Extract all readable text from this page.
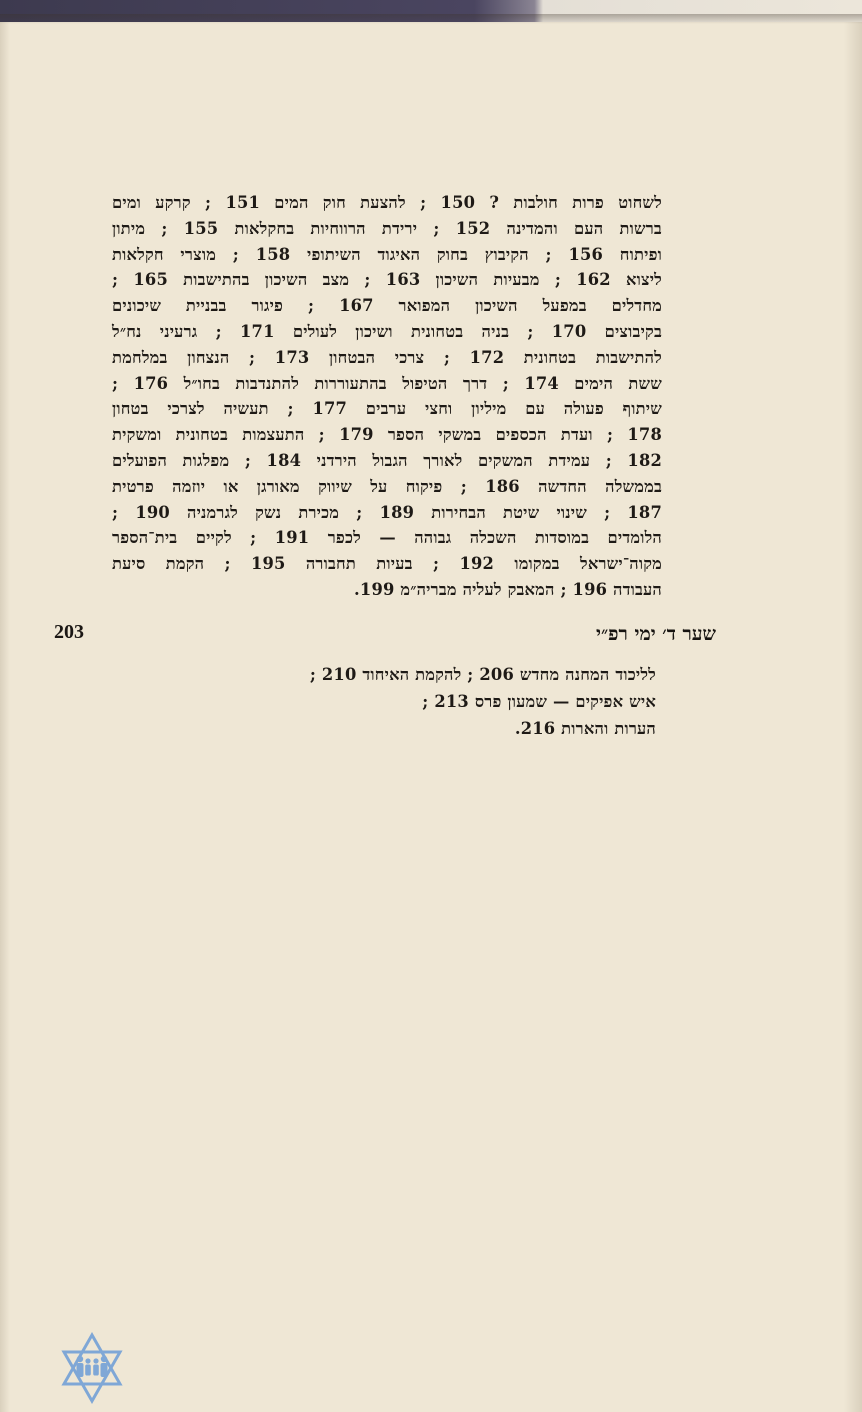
לשחוט פרות חולבות ? 150 ; להצעת חוק המים 151 ; קרקע ומים
ברשות העם והמדינה 152 ; ירידת הרווחיות בחקלאות 155 ; מיתון
ופיתוח 156 ; הקיבוץ בחוק האיגוד השיתופי 158 ; מוצרי חקלאות
ליצוא 162 ; מבעיות השיכון 163 ; מצב השיכון בהתישבות 165 ;
מחדלים במפעל השיכון המפואר 167 ; פיגור בבניית שיכונים
בקיבוצים 170 ; בניה בטחונית ושיכון לעולים 171 ; גרעיני נח״ל
להתישבות בטחונית 172 ; צרכי הבטחון 173 ; הנצחון במלחמת
ששת הימים 174 ; דרך הטיפול בהתעוררות להתנדבות בחו״ל 176 ;
שיתוף פעולה עם מיליון וחצי ערבים 177 ; תעשיה לצרכי בטחון
178 ; ועדת הכספים במשקי הספר 179 ; התעצמות בטחונית ומשקית
182 ; עמידת המשקים לאורך הגבול הירדני 184 ; מפלגות הפועלים
בממשלה החדשה 186 ; פיקוח על שיווק מאורגן או יוזמה פרטית
187 ; שינוי שיטת הבחירות 189 ; מכירת נשק לגרמניה 190 ;
הלומדים במוסדות השכלה גבוהה — לכפר 191 ; לקיים בית־הספר
מקוה־ישראל במקומו 192 ; בעיות תחבורה 195 ; הקמת סיעת
העבודה 196 ; המאבק לעליה מבריה״מ 199.
שער ד׳ ימי רפ״י
203
לליכוד המחנה מחדש 206 ; להקמת האיחוד 210 ;
איש אפיקים — שמעון פרס 213 ;
הערות והארות 216.
